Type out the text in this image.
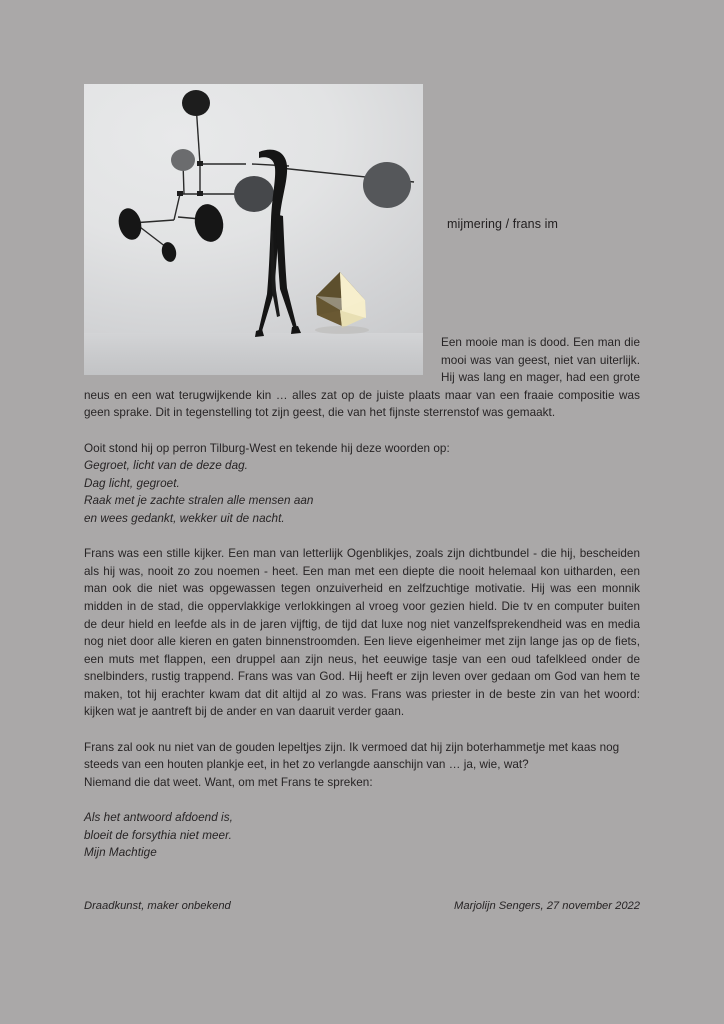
mijmering / frans im

Een mooie man is dood. Een man die mooi was van geest, niet van uiterlijk. Hij was lang en mager, had een grote neus en een wat terugwijkende kin … alles zat op de juiste plaats maar van een fraaie compositie was geen sprake. Dit in tegenstelling tot zijn geest, die van het fijnste sterrenstof was gemaakt.

Ooit stond hij op perron Tilburg-West en tekende hij deze woorden op:

Gegroet, licht van de deze dag.
Dag licht, gegroet.
Raak met je zachte stralen alle mensen aan
en wees gedankt, wekker uit de nacht.

Frans was een stille kijker. Een man van letterlijk Ogenblikjes, zoals zijn dichtbundel - die hij, bescheiden als hij was, nooit zo zou noemen - heet. Een man met een diepte die nooit helemaal kon uitharden, een man ook die niet was opgewassen tegen onzuiverheid en zelfzuchtige motivatie. Hij was een monnik midden in de stad, die oppervlakkige verlokkingen al vroeg voor gezien hield. Die tv en computer buiten de deur hield en leefde als in de jaren vijftig, de tijd dat luxe nog niet vanzelfsprekendheid was en media nog niet door alle kieren en gaten binnenstroomden. Een lieve eigenheimer met zijn lange jas op de fiets, een muts met flappen, een druppel aan zijn neus, het eeuwige tasje van een oud tafelkleed onder de snelbinders, rustig trappend. Frans was van God. Hij heeft er zijn leven over gedaan om God van hem te maken, tot hij erachter kwam dat dit altijd al zo was. Frans was priester in de beste zin van het woord: kijken wat je aantreft bij de ander en van daaruit verder gaan.

Frans zal ook nu niet van de gouden lepeltjes zijn. Ik vermoed dat hij zijn boterhammetje met kaas nog steeds van een houten plankje eet, in het zo verlangde aanschijn van … ja, wie, wat?

Niemand die dat weet. Want, om met Frans te spreken:

Als het antwoord afdoend is,
bloeit de forsythia niet meer.
Mijn Machtige
Draadkunst, maker onbekend	Marjolijn Sengers, 27 november 2022
